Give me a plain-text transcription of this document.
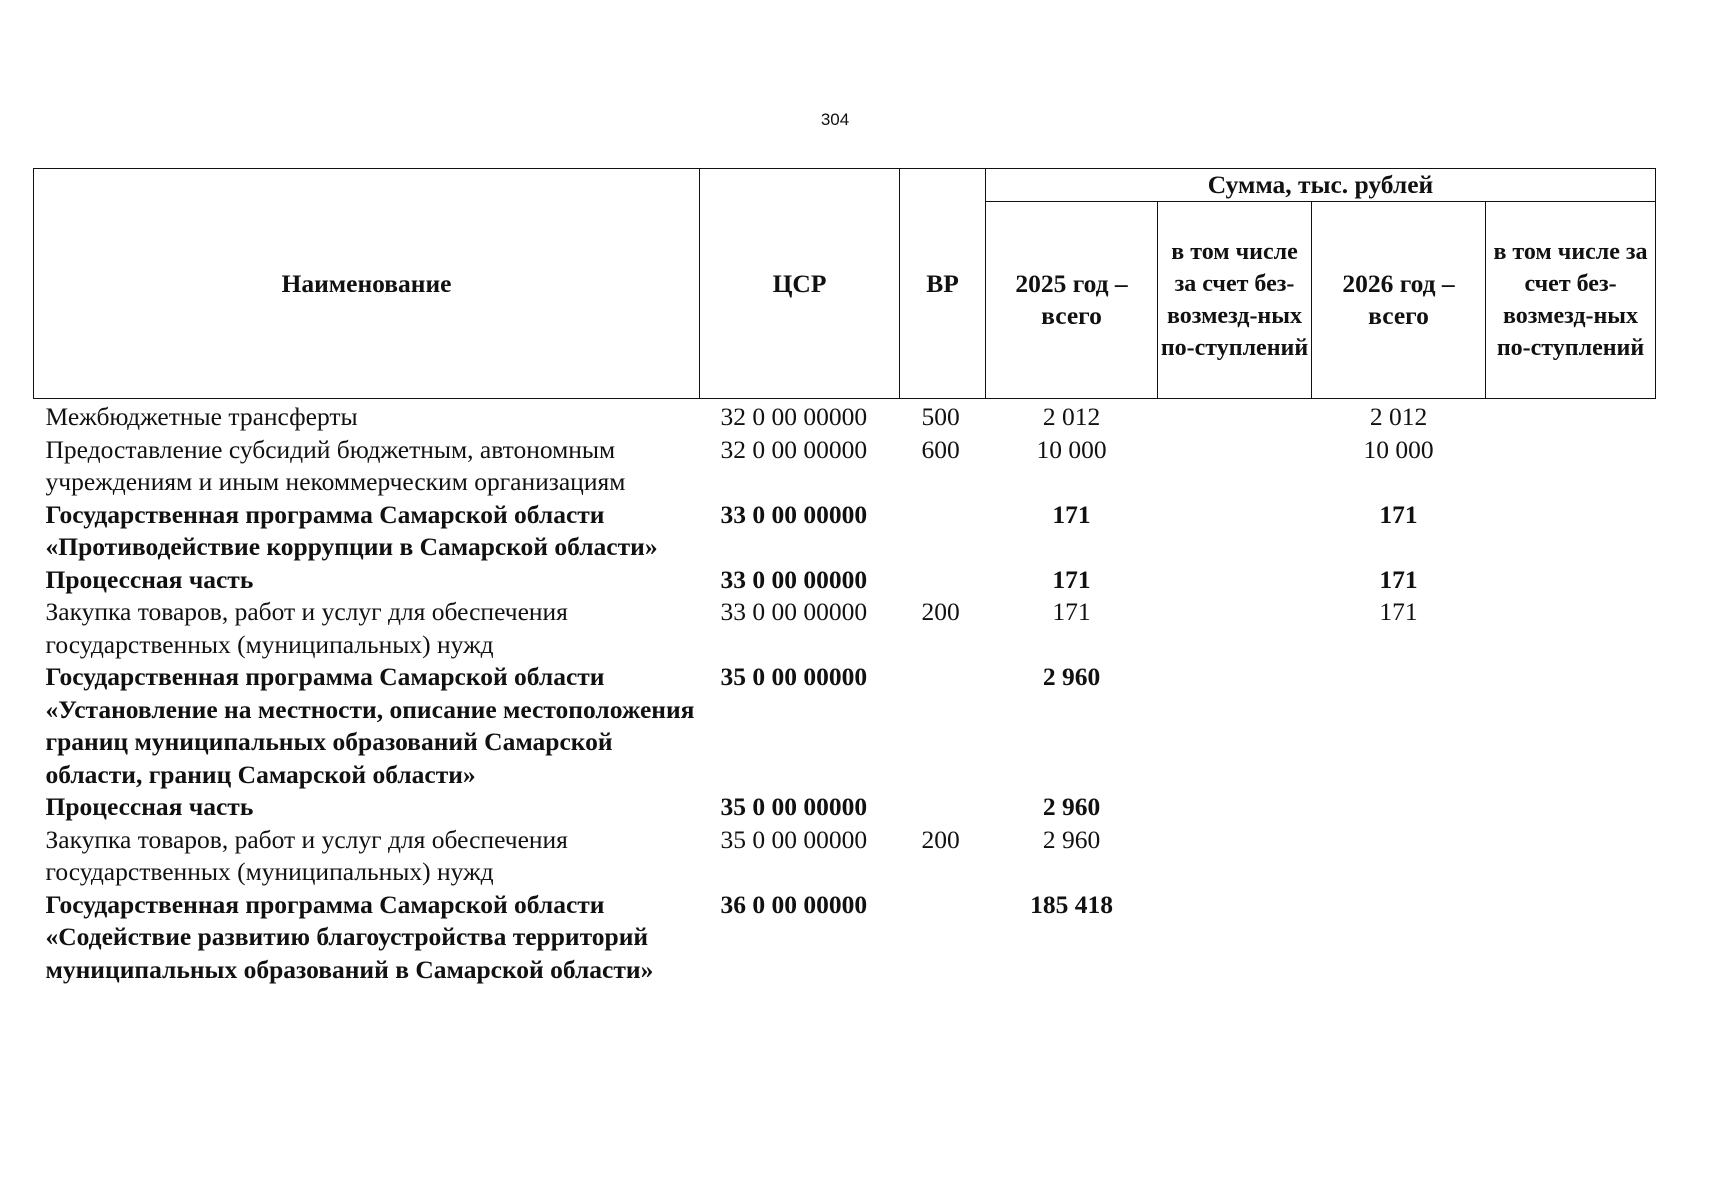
304
Наименование	ЦСР	ВР	Сумма, тыс. рублей			
			2025 год – всего	в том числе за счет без-возмезд-ных по-ступлений	2026 год – всего	в том числе за счет без-возмезд-ных по-ступлений
Межбюджетные трансферты	32 0 00 00000	500	2 012		2 012	
Предоставление субсидий бюджетным, автономным учреждениям и иным некоммерческим организациям	32 0 00 00000	600	10 000		10 000	
Государственная программа Самарской области «Противодействие коррупции в Самарской области»	33 0 00 00000		171		171	
Процессная часть	33 0 00 00000		171		171	
Закупка товаров, работ и услуг для обеспечения государственных (муниципальных) нужд	33 0 00 00000	200	171		171	
Государственная программа Самарской области «Установление на местности, описание местоположения границ муниципальных образований Самарской области, границ Самарской области»	35 0 00 00000		2 960			
Процессная часть	35 0 00 00000		2 960			
Закупка товаров, работ и услуг для обеспечения государственных (муниципальных) нужд	35 0 00 00000	200	2 960			
Государственная программа Самарской области «Содействие развитию благоустройства территорий муниципальных образований в Самарской области»	36 0 00 00000		185 418			
